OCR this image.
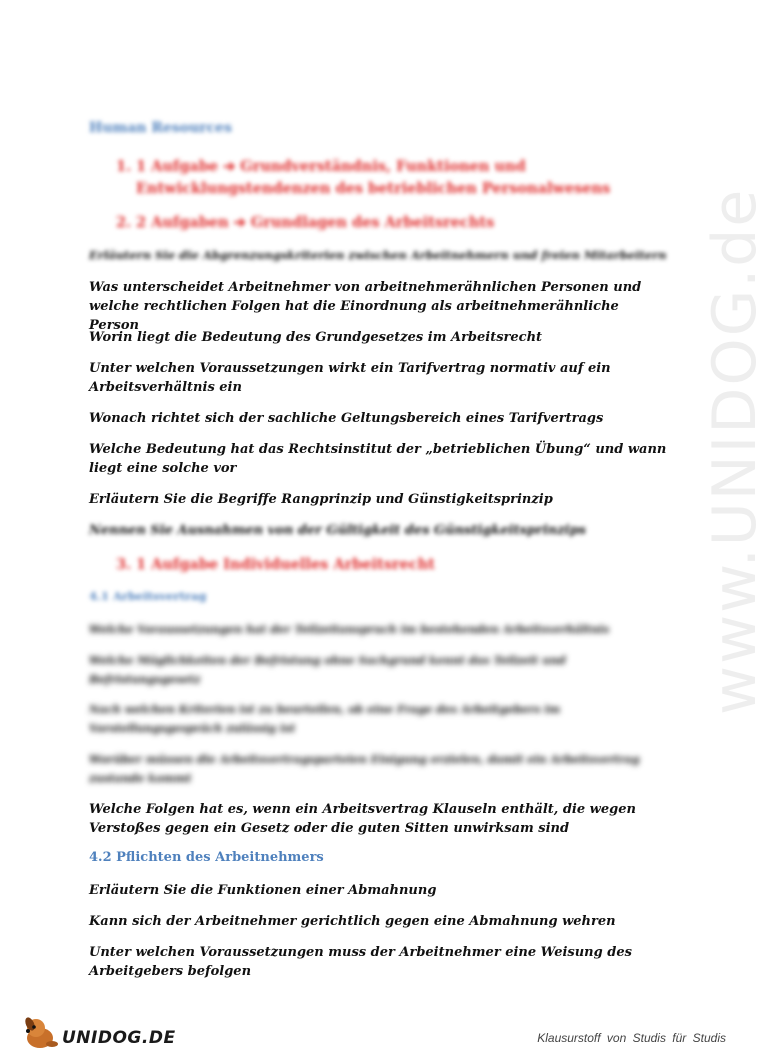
www.UNIDOG.de
Human Resources
1. 1 Aufgabe ➔ Grundverständnis, Funktionen und
Entwicklungstendenzen des betrieblichen Personalwesens
2. 2 Aufgaben ➔ Grundlagen des Arbeitsrechts
Erläutern Sie die Abgrenzungskriterien zwischen Arbeitnehmern und freien Mitarbeitern
Was unterscheidet Arbeitnehmer von arbeitnehmerähnlichen Personen und welche rechtlichen Folgen hat die Einordnung als arbeitnehmerähnliche Person
Worin liegt die Bedeutung des Grundgesetzes im Arbeitsrecht
Unter welchen Voraussetzungen wirkt ein Tarifvertrag normativ auf ein Arbeitsverhältnis ein
Wonach richtet sich der sachliche Geltungsbereich eines Tarifvertrags
Welche Bedeutung hat das Rechtsinstitut der „betrieblichen Übung“ und wann liegt eine solche vor
Erläutern Sie die Begriffe Rangprinzip und Günstigkeitsprinzip
Nennen Sie Ausnahmen von der Gültigkeit des Günstigkeitsprinzips
3. 1 Aufgabe Individuelles Arbeitsrecht
4.1 Arbeitsvertrag
Welche Voraussetzungen hat der Teilzeitanspruch im bestehenden Arbeitsverhältnis
Welche Möglichkeiten der Befristung ohne Sachgrund kennt das Teilzeit und Befristungsgesetz
Nach welchen Kriterien ist zu beurteilen, ob eine Frage des Arbeitgebers im Vorstellungsgespräch zulässig ist
Worüber müssen die Arbeitsvertragsparteien Einigung erzielen, damit ein Arbeitsvertrag zustande kommt
Welche Folgen hat es, wenn ein Arbeitsvertrag Klauseln enthält, die wegen Verstoßes gegen ein Gesetz oder die guten Sitten unwirksam sind
4.2 Pflichten des Arbeitnehmers
Erläutern Sie die Funktionen einer Abmahnung
Kann sich der Arbeitnehmer gerichtlich gegen eine Abmahnung wehren
Unter welchen Voraussetzungen muss der Arbeitnehmer eine Weisung des Arbeitgebers befolgen
UNIDOG.DE	Klausurstoff von Studis für Studis
